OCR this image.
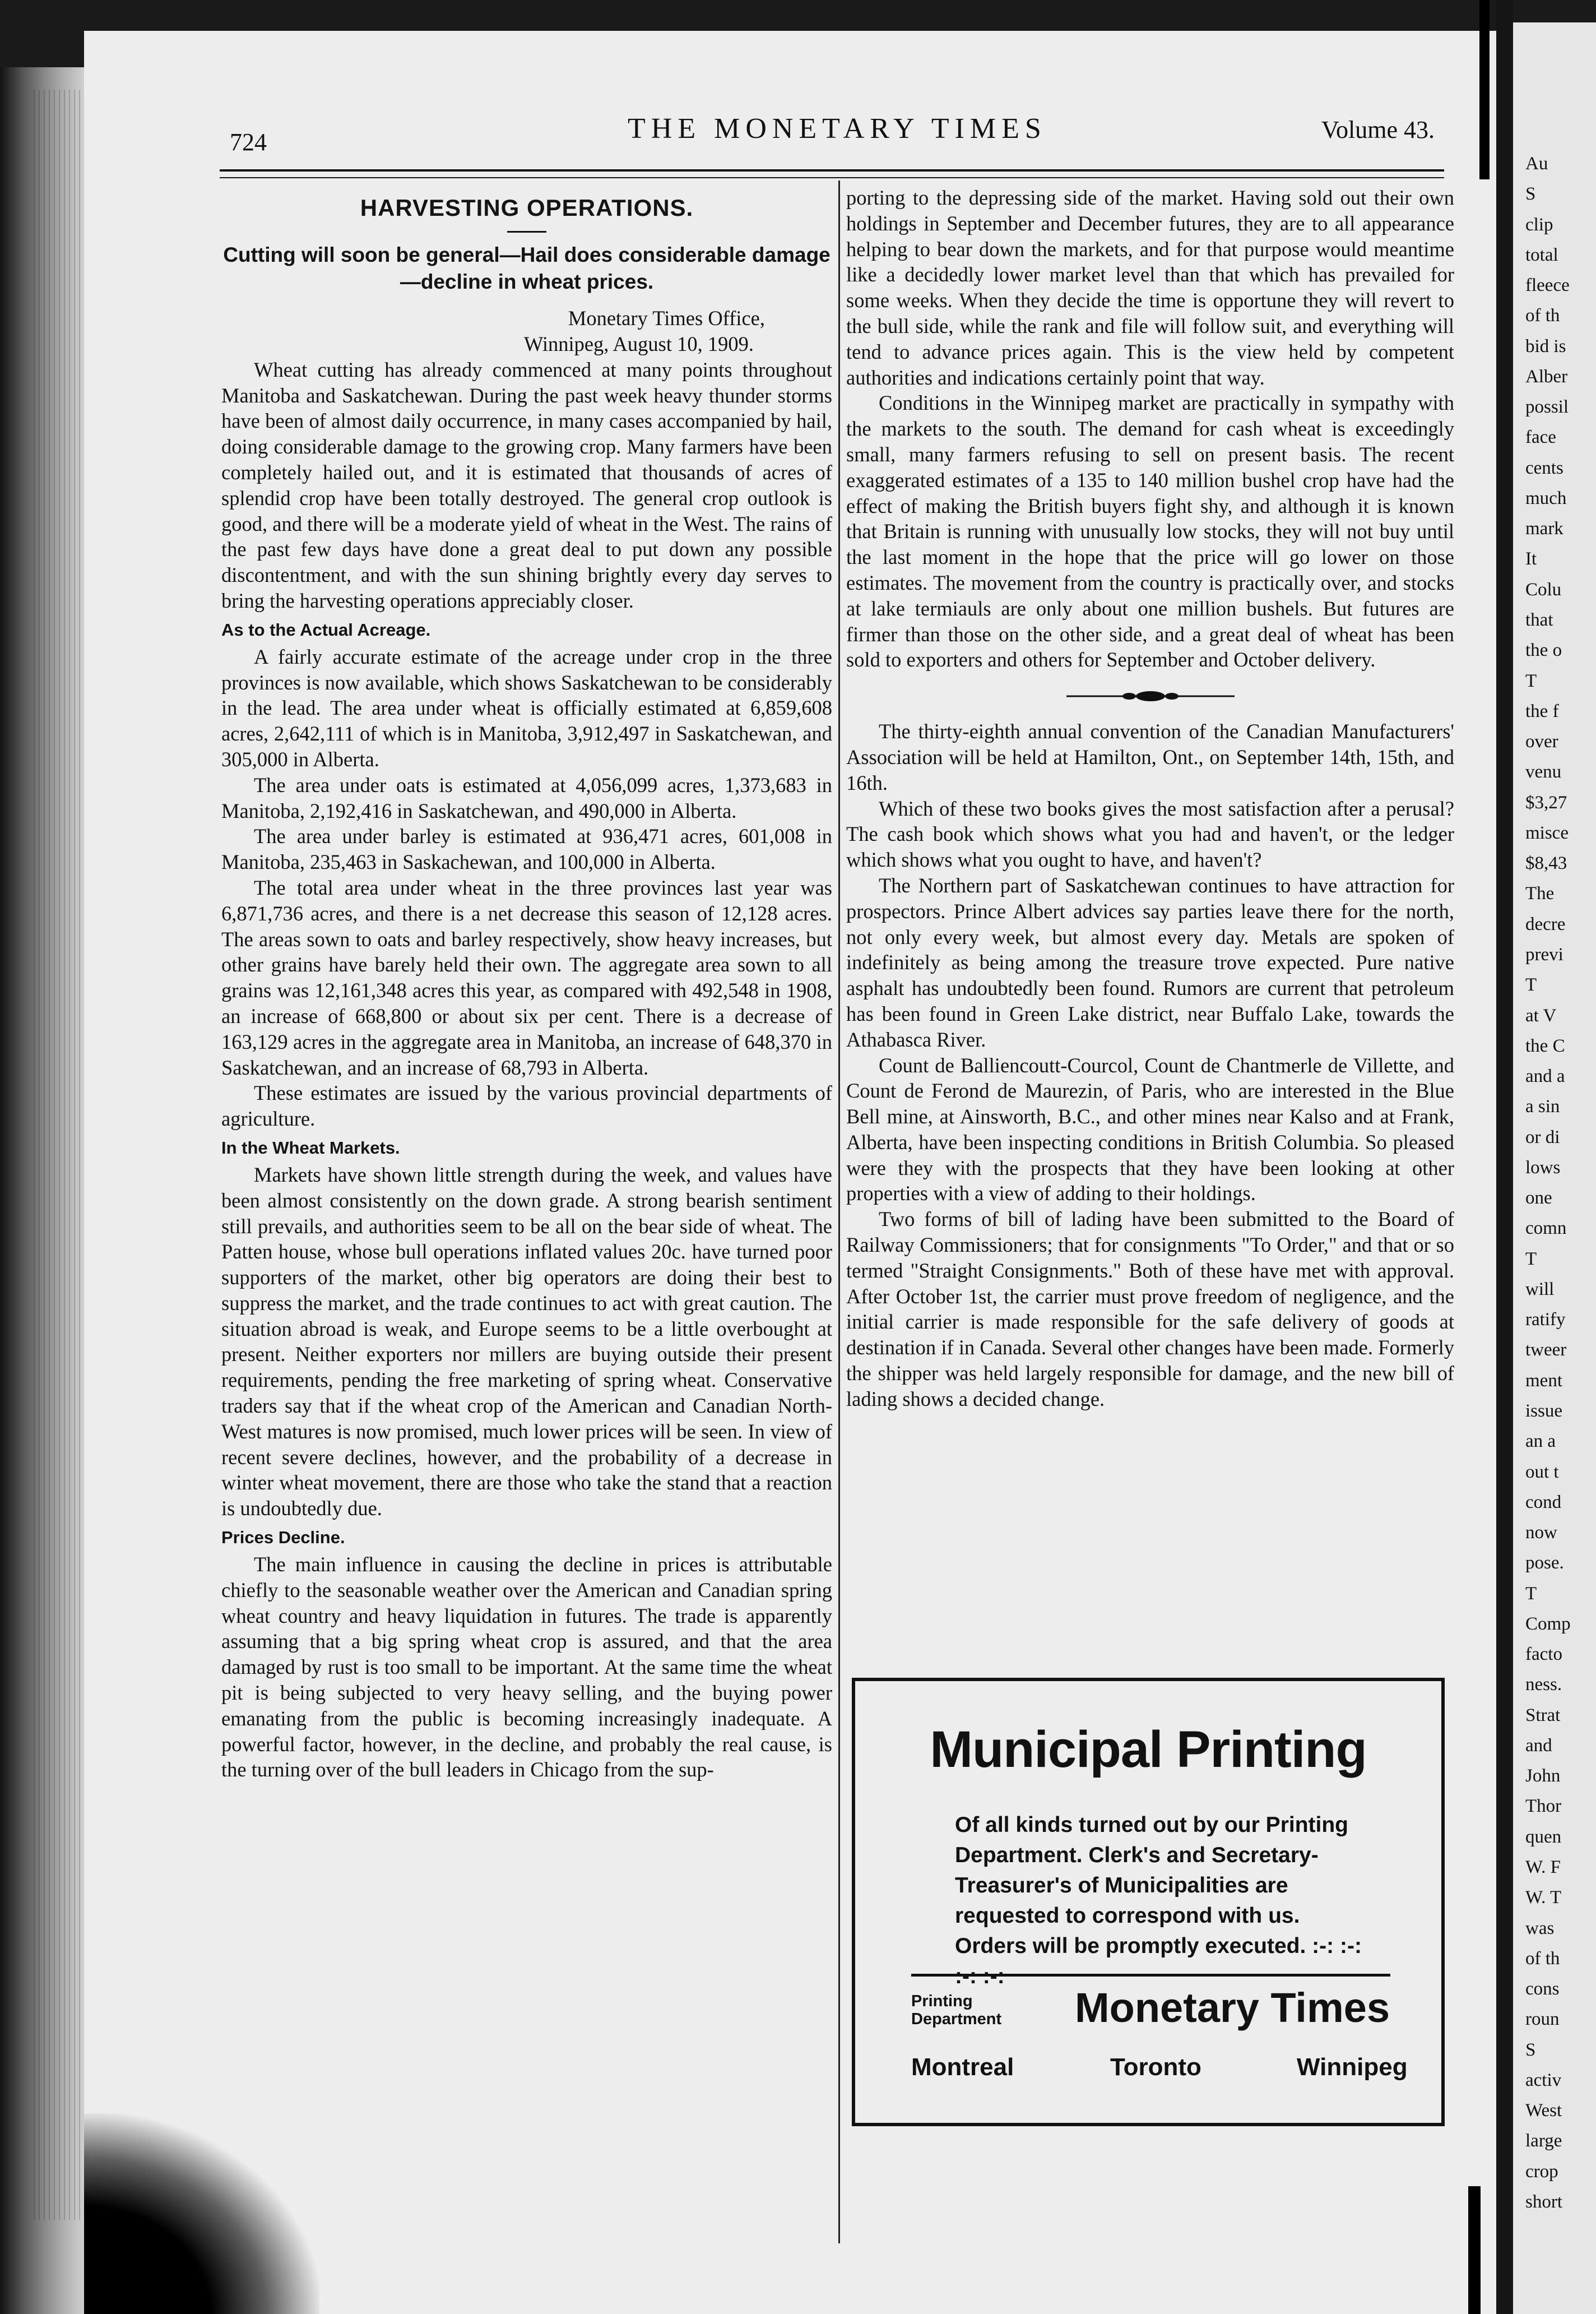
Au
S
clip
total
fleece
of th
bid is
Alber
possil
face
cents
much
mark
It
Colu
that
the o
T
the f
over
venu
$3,27
misce
$8,43
The
decre
previ
T
at V
the C
and a
a sin
or di
lows
one
comn
T
will
ratify
tweer
ment
issue
an a
out t
cond
now
pose.
T
Comp
facto
ness.
Strat
and
John
Thor
quen
W. F
W. T
was
of th
cons
roun
S
activ
West
large
crop
short
724	THE MONETARY TIMES	Volume 43.
HARVESTING OPERATIONS.
Cutting will soon be general—Hail does considerable damage—decline in wheat prices.
Monetary Times Office,
Winnipeg, August 10, 1909.

Wheat cutting has already commenced at many points throughout Manitoba and Saskatchewan. During the past week heavy thunder storms have been of almost daily occurrence, in many cases accompanied by hail, doing considerable damage to the growing crop. Many farmers have been completely hailed out, and it is estimated that thousands of acres of splendid crop have been totally destroyed. The general crop outlook is good, and there will be a moderate yield of wheat in the West. The rains of the past few days have done a great deal to put down any possible discontentment, and with the sun shining brightly every day serves to bring the harvesting operations appreciably closer.

As to the Actual Acreage.

A fairly accurate estimate of the acreage under crop in the three provinces is now available, which shows Saskatchewan to be considerably in the lead. The area under wheat is officially estimated at 6,859,608 acres, 2,642,111 of which is in Manitoba, 3,912,497 in Saskatchewan, and 305,000 in Alberta.

The area under oats is estimated at 4,056,099 acres, 1,373,683 in Manitoba, 2,192,416 in Saskatchewan, and 490,000 in Alberta.

The area under barley is estimated at 936,471 acres, 601,008 in Manitoba, 235,463 in Saskachewan, and 100,000 in Alberta.

The total area under wheat in the three provinces last year was 6,871,736 acres, and there is a net decrease this season of 12,128 acres. The areas sown to oats and barley respectively, show heavy increases, but other grains have barely held their own. The aggregate area sown to all grains was 12,161,348 acres this year, as compared with 492,548 in 1908, an increase of 668,800 or about six per cent. There is a decrease of 163,129 acres in the aggregate area in Manitoba, an increase of 648,370 in Saskatchewan, and an increase of 68,793 in Alberta.

These estimates are issued by the various provincial departments of agriculture.

In the Wheat Markets.

Markets have shown little strength during the week, and values have been almost consistently on the down grade. A strong bearish sentiment still prevails, and authorities seem to be all on the bear side of wheat. The Patten house, whose bull operations inflated values 20c. have turned poor supporters of the market, other big operators are doing their best to suppress the market, and the trade continues to act with great caution. The situation abroad is weak, and Europe seems to be a little overbought at present. Neither exporters nor millers are buying outside their present requirements, pending the free marketing of spring wheat. Conservative traders say that if the wheat crop of the American and Canadian North-West matures is now promised, much lower prices will be seen. In view of recent severe declines, however, and the probability of a decrease in winter wheat movement, there are those who take the stand that a reaction is undoubtedly due.

Prices Decline.

The main influence in causing the decline in prices is attributable chiefly to the seasonable weather over the American and Canadian spring wheat country and heavy liquidation in futures. The trade is apparently assuming that a big spring wheat crop is assured, and that the area damaged by rust is too small to be important. At the same time the wheat pit is being subjected to very heavy selling, and the buying power emanating from the public is becoming increasingly inadequate. A powerful factor, however, in the decline, and probably the real cause, is the turning over of the bull leaders in Chicago from the sup-

porting to the depressing side of the market. Having sold out their own holdings in September and December futures, they are to all appearance helping to bear down the markets, and for that purpose would meantime like a decidedly lower market level than that which has prevailed for some weeks. When they decide the time is opportune they will revert to the bull side, while the rank and file will follow suit, and everything will tend to advance prices again. This is the view held by competent authorities and indications certainly point that way.

Conditions in the Winnipeg market are practically in sympathy with the markets to the south. The demand for cash wheat is exceedingly small, many farmers refusing to sell on present basis. The recent exaggerated estimates of a 135 to 140 million bushel crop have had the effect of making the British buyers fight shy, and although it is known that Britain is running with unusually low stocks, they will not buy until the last moment in the hope that the price will go lower on those estimates. The movement from the country is practically over, and stocks at lake termiauls are only about one million bushels. But futures are firmer than those on the other side, and a great deal of wheat has been sold to exporters and others for September and October delivery.

The thirty-eighth annual convention of the Canadian Manufacturers' Association will be held at Hamilton, Ont., on September 14th, 15th, and 16th.

Which of these two books gives the most satisfaction after a perusal? The cash book which shows what you had and haven't, or the ledger which shows what you ought to have, and haven't?

The Northern part of Saskatchewan continues to have attraction for prospectors. Prince Albert advices say parties leave there for the north, not only every week, but almost every day. Metals are spoken of indefinitely as being among the treasure trove expected. Pure native asphalt has undoubtedly been found. Rumors are current that petroleum has been found in Green Lake district, near Buffalo Lake, towards the Athabasca River.

Count de Balliencoutt-Courcol, Count de Chantmerle de Villette, and Count de Ferond de Maurezin, of Paris, who are interested in the Blue Bell mine, at Ainsworth, B.C., and other mines near Kalso and at Frank, Alberta, have been inspecting conditions in British Columbia. So pleased were they with the prospects that they have been looking at other properties with a view of adding to their holdings.

Two forms of bill of lading have been submitted to the Board of Railway Commissioners; that for consignments "To Order," and that or so termed "Straight Consignments." Both of these have met with approval. After October 1st, the carrier must prove freedom of negligence, and the initial carrier is made responsible for the safe delivery of goods at destination if in Canada. Several other changes have been made. Formerly the shipper was held largely responsible for damage, and the new bill of lading shows a decided change.

Municipal Printing
Of all kinds turned out by our Printing Department. Clerk's and Secretary-Treasurer's of Municipalities are requested to correspond with us. Orders will be promptly executed. :-: :-:
Printing
Department Monetary Times
Montreal	Toronto	Winnipeg
